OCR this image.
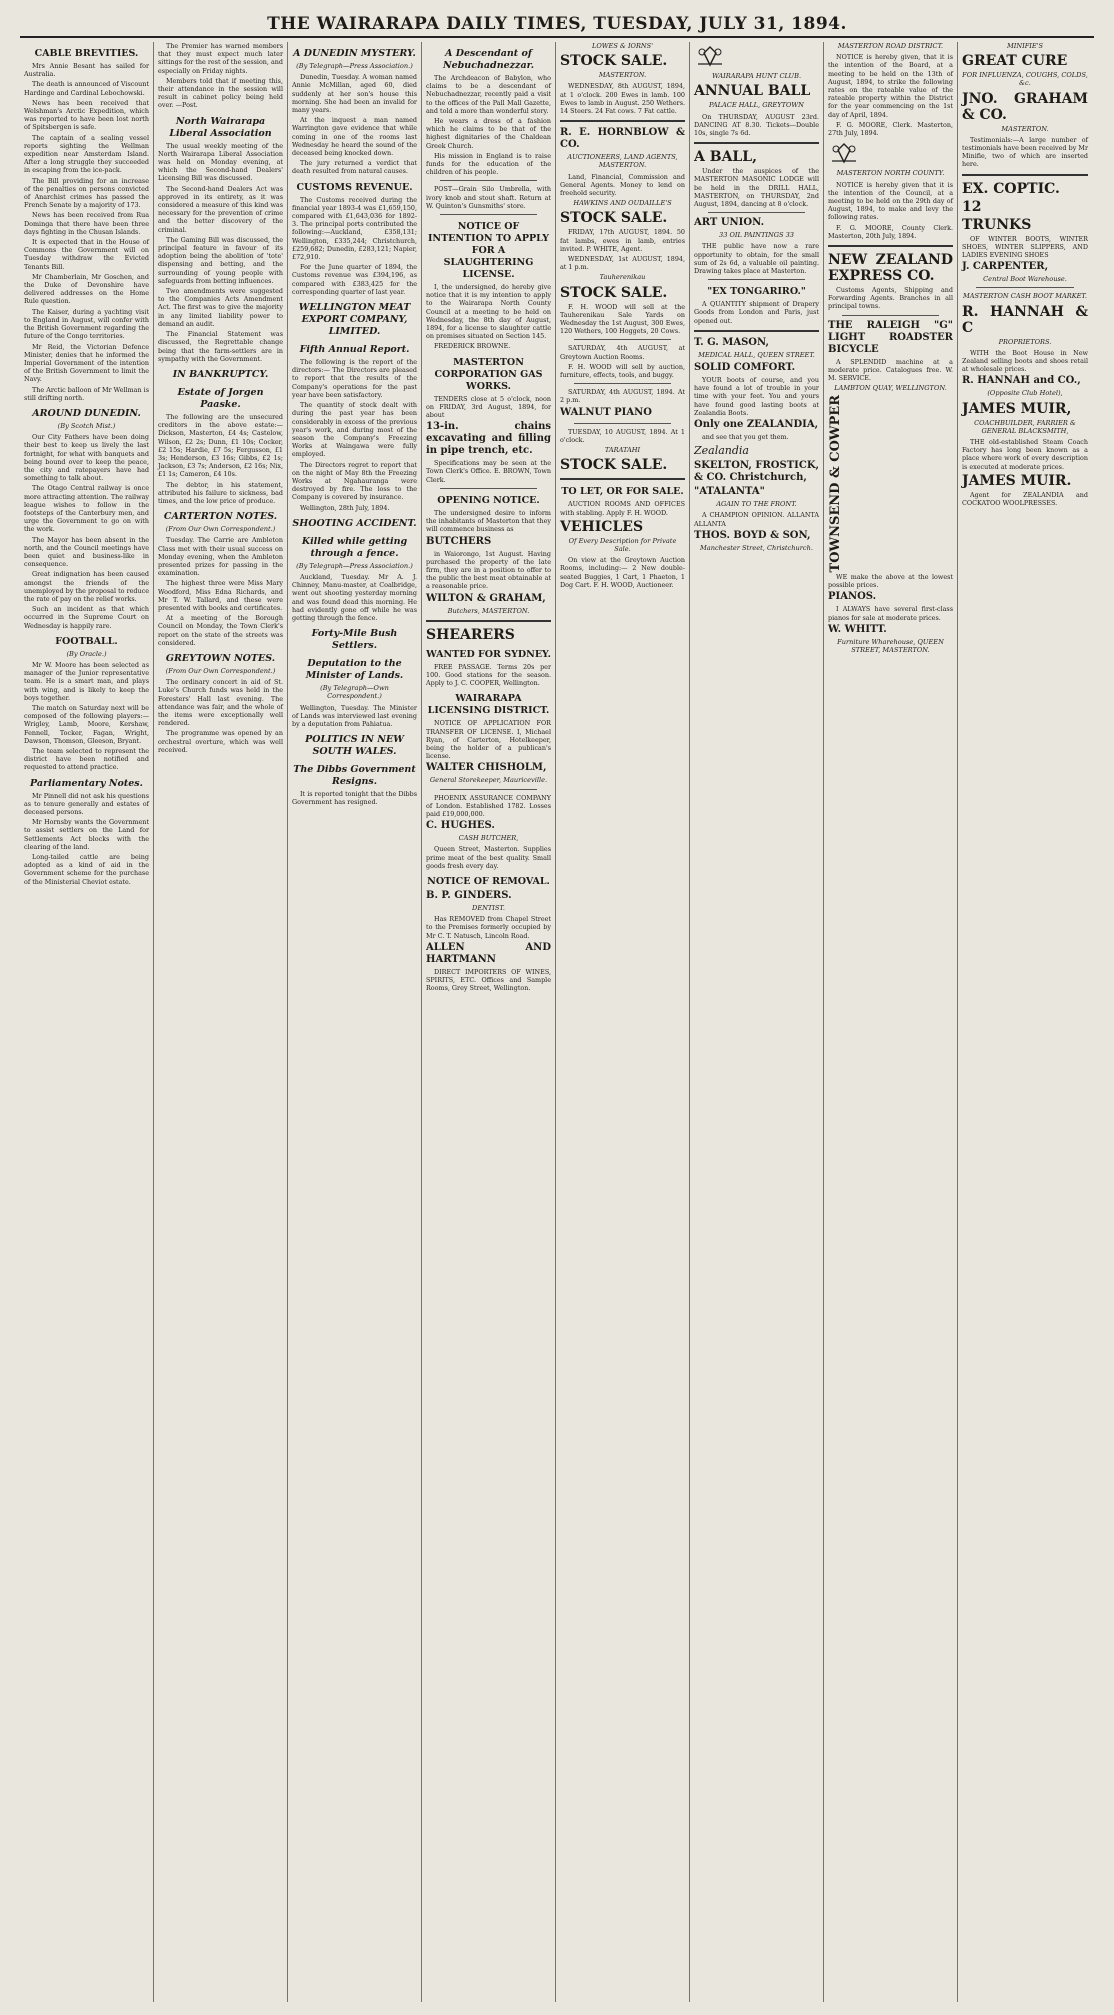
THE WAIRARAPA DAILY TIMES, TUESDAY, JULY 31, 1894.
CABLE BREVITIES.
Mrs Annie Besant has sailed for Australia.
The death is announced of Viscount Hardinge and Cardinal Lebochowski.
News has been received that Welshman's Arctic Expedition, which was reported to have been lost north of Spitsbergen is safe.
The captain of a sealing vessel reports sighting the Wellman expedition near Amsterdam Island. After a long struggle they succeeded in escaping from the ice-pack.
The Bill providing for an increase of the penalties on persons convicted of Anarchist crimes has passed the French Senate by a majority of 173.
News has been received from Rua Dominga that there have been three days fighting in the Chusan Islands.
It is expected that in the House of Commons the Government will on Tuesday withdraw the Evicted Tenants Bill.
Mr Chamberlain, Mr Goschen, and the Duke of Devonshire have delivered addresses on the Home Rule question.
The Kaiser, during a yachting visit to England in August, will confer with the British Government regarding the future of the Congo territories.
Mr Reid, the Victorian Defence Minister, denies that he informed the Imperial Government of the intention of the British Government to limit the Navy.
The Arctic balloon of Mr Wellman is still drifting north.
AROUND DUNEDIN.
(By Scotch Mist.)
Our City Fathers have been doing their best to keep us lively the last fortnight, for what with banquets and being bound over to keep the peace, the city and ratepayers have had something to talk about.
The Otago Central railway is once more attracting attention. The railway league wishes to follow in the footsteps of the Canterbury men, and urge the Government to go on with the work.
The Mayor has been absent in the north, and the Council meetings have been quiet and business-like in consequence.
Great indignation has been caused amongst the friends of the unemployed by the proposal to reduce the rate of pay on the relief works.
Such an incident as that which occurred in the Supreme Court on Wednesday is happily rare.
FOOTBALL.
(By Oracle.)
Mr W. Moore has been selected as manager of the Junior representative team. He is a smart man, and plays with wing, and is likely to keep the boys together.
The match on Saturday next will be composed of the following players:—Wrigley, Lamb, Moore, Kershaw, Fennell, Tocker, Fagan, Wright, Dawson, Thomson, Gleeson, Bryant.
The team selected to represent the district have been notified and requested to attend practice.
Parliamentary Notes.
Mr Pinnell did not ask his questions as to tenure generally and estates of deceased persons.
Mr Hornsby wants the Government to assist settlers on the Land for Settlements Act blocks with the clearing of the land.
Long-tailed cattle are being adopted as a kind of aid in the Government scheme for the purchase of the Ministerial Cheviot estate.
The Premier has warned members that they must expect much later sittings for the rest of the session, and especially on Friday nights.
Members told that if meeting this, their attendance in the session will result in cabinet policy being held over. —Post.
North Wairarapa Liberal Association
The usual weekly meeting of the North Wairarapa Liberal Association was held on Monday evening, at which the Second-hand Dealers' Licensing Bill was discussed.
The Second-hand Dealers Act was approved in its entirety, as it was considered a measure of this kind was necessary for the prevention of crime and the better discovery of the criminal.
The Gaming Bill was discussed, the principal feature in favour of its adoption being the abolition of 'tote' dispensing and betting, and the surrounding of young people with safeguards from betting influences.
Two amendments were suggested to the Companies Acts Amendment Act. The first was to give the majority in any limited liability power to demand an audit.
The Financial Statement was discussed, the Regrettable change being that the farm-settlers are in sympathy with the Government.
IN BANKRUPTCY.
Estate of Jorgen Paaske.
The following are the unsecured creditors in the above estate:— Dickson, Masterton, £4 4s; Castelow, Wilson, £2 2s; Dunn, £1 10s; Cocker, £2 15s; Hardie, £7 5s; Fergusson, £1 3s; Henderson, £3 16s; Gibbs, £2 1s; Jackson, £3 7s; Anderson, £2 16s; Nix, £1 1s; Cameron, £4 10s.
The debtor, in his statement, attributed his failure to sickness, bad times, and the low price of produce.
CARTERTON NOTES.
(From Our Own Correspondent.)
Tuesday. The Carrie are Ambleton Class met with their usual success on Monday evening, when the Ambleton presented prizes for passing in the examination.
The highest three were Miss Mary Woodford, Miss Edna Richards, and Mr T. W. Tallard, and these were presented with books and certificates.
At a meeting of the Borough Council on Monday, the Town Clerk's report on the state of the streets was considered.
GREYTOWN NOTES.
(From Our Own Correspondent.)
The ordinary concert in aid of St. Luke's Church funds was held in the Foresters' Hall last evening. The attendance was fair, and the whole of the items were exceptionally well rendered.
The programme was opened by an orchestral overture, which was well received.
A DUNEDIN MYSTERY.
(By Telegraph—Press Association.)
Dunedin, Tuesday. A woman named Annie McMillan, aged 60, died suddenly at her son's house this morning. She had been an invalid for many years.
At the inquest a man named Warrington gave evidence that while coming in one of the rooms last Wednesday he heard the sound of the deceased being knocked down.
The jury returned a verdict that death resulted from natural causes.
CUSTOMS REVENUE.
The Customs received during the financial year 1893-4 was £1,659,150, compared with £1,643,036 for 1892-3. The principal ports contributed the following:—Auckland, £358,131; Wellington, £335,244; Christchurch, £259,682; Dunedin, £283,121; Napier, £72,910.
For the June quarter of 1894, the Customs revenue was £394,196, as compared with £383,425 for the corresponding quarter of last year.
WELLINGTON MEAT EXPORT COMPANY, LIMITED.
Fifth Annual Report.
The following is the report of the directors:— The Directors are pleased to report that the results of the Company's operations for the past year have been satisfactory.
The quantity of stock dealt with during the past year has been considerably in excess of the previous year's work, and during most of the season the Company's Freezing Works at Waingawa were fully employed.
The Directors regret to report that on the night of May 8th the Freezing Works at Ngahauranga were destroyed by fire. The loss to the Company is covered by insurance.
Wellington, 28th July, 1894.
SHOOTING ACCIDENT.
Killed while getting through a fence.
(By Telegraph—Press Association.)
Auckland, Tuesday. Mr A. J. Chinney, Manu-master, at Coalbridge, went out shooting yesterday morning and was found dead this morning. He had evidently gone off while he was getting through the fence.
Forty-Mile Bush Settlers.
Deputation to the Minister of Lands.
(By Telegraph—Own Correspondent.)
Wellington, Tuesday. The Minister of Lands was interviewed last evening by a deputation from Pahiatua.
POLITICS IN NEW SOUTH WALES.
The Dibbs Government Resigns.
It is reported tonight that the Dibbs Government has resigned.
A Descendant of Nebuchadnezzar.
The Archdeacon of Babylon, who claims to be a descendant of Nebuchadnezzar, recently paid a visit to the offices of the Pall Mall Gazette, and told a more than wonderful story.
He wears a dress of a fashion which he claims to be that of the highest dignitaries of the Chaldean Greek Church.
His mission in England is to raise funds for the education of the children of his people.
POST—Grain Silo Umbrella, with ivory knob and stout shaft. Return at W. Quinton's Gunsmiths' store.
NOTICE OF INTENTION TO APPLY FOR A SLAUGHTERING LICENSE.
I, the undersigned, do hereby give notice that it is my intention to apply to the Wairarapa North County Council at a meeting to be held on Wednesday, the 8th day of August, 1894, for a license to slaughter cattle on premises situated on Section 145.
FREDERICK BROWNE.
MASTERTON CORPORATION GAS WORKS.
TENDERS close at 5 o'clock, noon on FRIDAY, 3rd August, 1894, for about
13-in. chains excavating and filling in pipe trench, etc.
Specifications may be seen at the Town Clerk's Office. E. BROWN, Town Clerk.
OPENING NOTICE.
The undersigned desire to inform the inhabitants of Masterton that they will commence business as
BUTCHERS
in Waiorongo, 1st August. Having purchased the property of the late firm, they are in a position to offer to the public the best meat obtainable at a reasonable price.
WILTON & GRAHAM,
Butchers, MASTERTON.
SHEARERS
WANTED FOR SYDNEY.
FREE PASSAGE. Terms 20s per 100. Good stations for the season. Apply to J. C. COOPER, Wellington.
WAIRARAPA LICENSING DISTRICT.
NOTICE OF APPLICATION FOR TRANSFER OF LICENSE. I, Michael Ryan, of Carterton, Hotelkeeper, being the holder of a publican's license.
WALTER CHISHOLM,
General Storekeeper, Mauriceville.
PHOENIX ASSURANCE COMPANY of London. Established 1782. Losses paid £19,000,000.
C. HUGHES.
CASH BUTCHER,
Queen Street, Masterton. Supplies prime meat of the best quality. Small goods fresh every day.
NOTICE OF REMOVAL.
B. P. GINDERS.
DENTIST.
Has REMOVED from Chapel Street to the Premises formerly occupied by Mr C. T. Natusch, Lincoln Road.
ALLEN AND HARTMANN
DIRECT IMPORTERS OF WINES, SPIRITS, ETC. Offices and Sample Rooms, Grey Street, Wellington.
LOWES & IORNS'
STOCK SALE.
MASTERTON.
WEDNESDAY, 8th AUGUST, 1894, at 1 o'clock. 200 Ewes in lamb. 100 Ewes to lamb in August. 250 Wethers. 14 Steers. 24 Fat cows. 7 Fat cattle.
R. E. HORNBLOW & CO.
AUCTIONEERS, LAND AGENTS, MASTERTON.
Land, Financial, Commission and General Agents. Money to lend on freehold security.
HAWKINS AND OUDAILLE'S
STOCK SALE.
FRIDAY, 17th AUGUST, 1894. 50 fat lambs, ewes in lamb, entries invited. P. WHITE, Agent.
WEDNESDAY, 1st AUGUST, 1894, at 1 p.m.
Tauherenikau
STOCK SALE.
F. H. WOOD will sell at the Tauherenikau Sale Yards on Wednesday the 1st August, 300 Ewes, 120 Wethers, 100 Hoggets, 20 Cows.
SATURDAY, 4th AUGUST, at Greytown Auction Rooms.
F. H. WOOD will sell by auction, furniture, effects, tools, and buggy.
SATURDAY, 4th AUGUST, 1894. At 2 p.m.
WALNUT PIANO
TUESDAY, 10 AUGUST, 1894. At 1 o'clock.
TARATAHI
STOCK SALE.
TO LET, OR FOR SALE.
AUCTION ROOMS AND OFFICES with stabling. Apply F. H. WOOD.
VEHICLES
Of Every Description for Private Sale.
On view at the Greytown Auction Rooms, including:— 2 New double-seated Buggies, 1 Cart, 1 Phaeton, 1 Dog Cart. F. H. WOOD, Auctioneer.
WAIRARAPA HUNT CLUB.
ANNUAL BALL
PALACE HALL, GREYTOWN
On THURSDAY, AUGUST 23rd. DANCING AT 8.30. Tickets—Double 10s, single 7s 6d.
A BALL,
Under the auspices of the MASTERTON MASONIC LODGE will be held in the DRILL HALL, MASTERTON, on THURSDAY, 2nd August, 1894, dancing at 8 o'clock.
ART UNION.
33 OIL PAINTINGS 33
THE public have now a rare opportunity to obtain, for the small sum of 2s 6d, a valuable oil painting. Drawing takes place at Masterton.
"EX TONGARIRO."
A QUANTITY shipment of Drapery Goods from London and Paris, just opened out.
T. G. MASON,
MEDICAL HALL, QUEEN STREET.
SOLID COMFORT.
YOUR boots of course, and you have found a lot of trouble in your time with your feet. You and yours have found good lasting boots at Zealandia Boots.
Only one ZEALANDIA,
and see that you get them.
Zealandia
SKELTON, FROSTICK, & CO. Christchurch,
"ATALANTA"
AGAIN TO THE FRONT.
A CHAMPION OPINION. ALLANTA ALLANTA
THOS. BOYD & SON,
Manchester Street, Christchurch.
MASTERTON ROAD DISTRICT.
NOTICE is hereby given, that it is the intention of the Board, at a meeting to be held on the 13th of August, 1894, to strike the following rates on the rateable value of the rateable property within the District for the year commencing on the 1st day of April, 1894.
F. G. MOORE, Clerk. Masterton, 27th July, 1894.
MASTERTON NORTH COUNTY.
NOTICE is hereby given that it is the intention of the Council, at a meeting to be held on the 29th day of August, 1894, to make and levy the following rates.
F. G. MOORE, County Clerk. Masterton, 20th July, 1894.
NEW ZEALAND EXPRESS CO.
Customs Agents, Shipping and Forwarding Agents. Branches in all principal towns.
THE RALEIGH "G" LIGHT ROADSTER BICYCLE
A SPLENDID machine at a moderate price. Catalogues free. W. M. SERVICE.
LAMBTON QUAY, WELLINGTON.
TOWNSEND & COWPER
WE make the above at the lowest possible prices.
PIANOS.
I ALWAYS have several first-class pianos for sale at moderate prices.
W. WHITT.
Furniture Wharehouse, QUEEN STREET, MASTERTON.
MINIFIE'S
GREAT CURE
FOR INFLUENZA, COUGHS, COLDS, &c.
JNO. GRAHAM & CO.
MASTERTON.
Testimonials:—A large number of testimonials have been received by Mr Minifie, two of which are inserted here.
EX. COPTIC.
12
TRUNKS
OF WINTER BOOTS, WINTER SHOES, WINTER SLIPPERS, AND LADIES EVENING SHOES
J. CARPENTER,
Central Boot Warehouse.
MASTERTON CASH BOOT MARKET.
R. HANNAH & C
PROPRIETORS.
WITH the Boot House in New Zealand selling boots and shoes retail at wholesale prices.
R. HANNAH and CO.,
(Opposite Club Hotel),
JAMES MUIR,
COACHBUILDER, FARRIER & GENERAL BLACKSMITH,
THE old-established Steam Coach Factory has long been known as a place where work of every description is executed at moderate prices.
JAMES MUIR.
Agent for ZEALANDIA and COCKATOO WOOLPRESSES.
